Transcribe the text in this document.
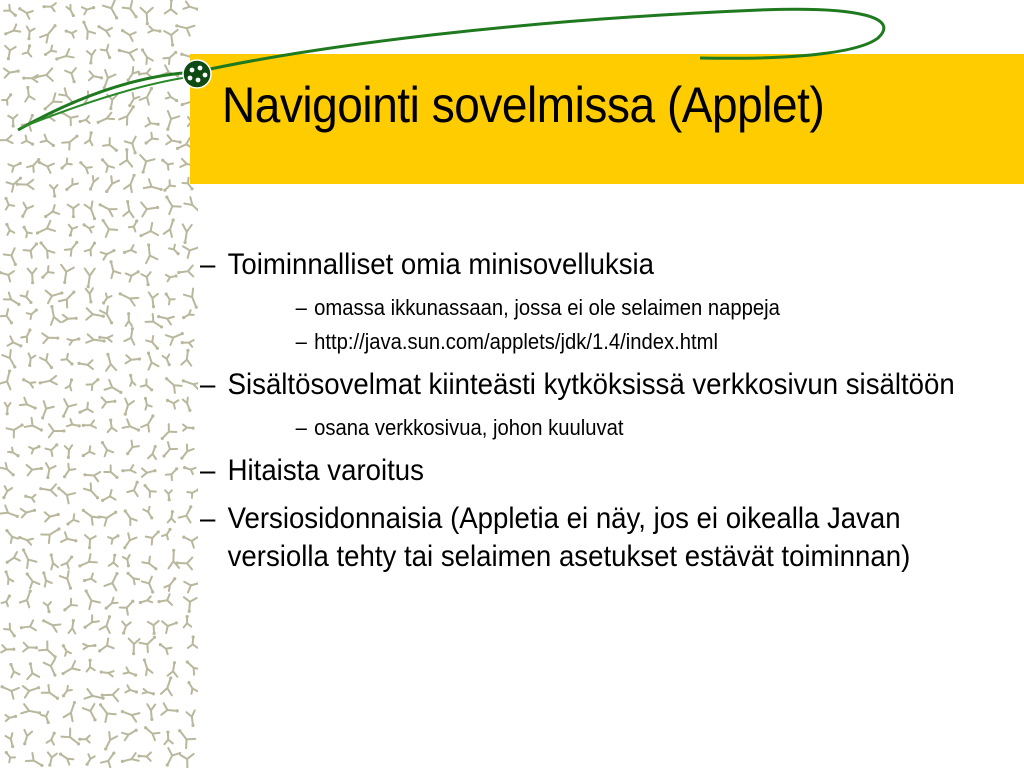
Navigointi sovelmissa (Applet)
– Toiminnalliset omia minisovelluksia
– omassa ikkunassaan, jossa ei ole selaimen nappeja
– http://java.sun.com/applets/jdk/1.4/index.html
– Sisältösovelmat kiinteästi kytköksissä verkkosivun sisältöön
– osana verkkosivua, johon kuuluvat
– Hitaista varoitus
– Versiosidonnaisia (Appletia ei näy, jos ei oikealla Javan versiolla tehty tai selaimen asetukset estävät toiminnan)
